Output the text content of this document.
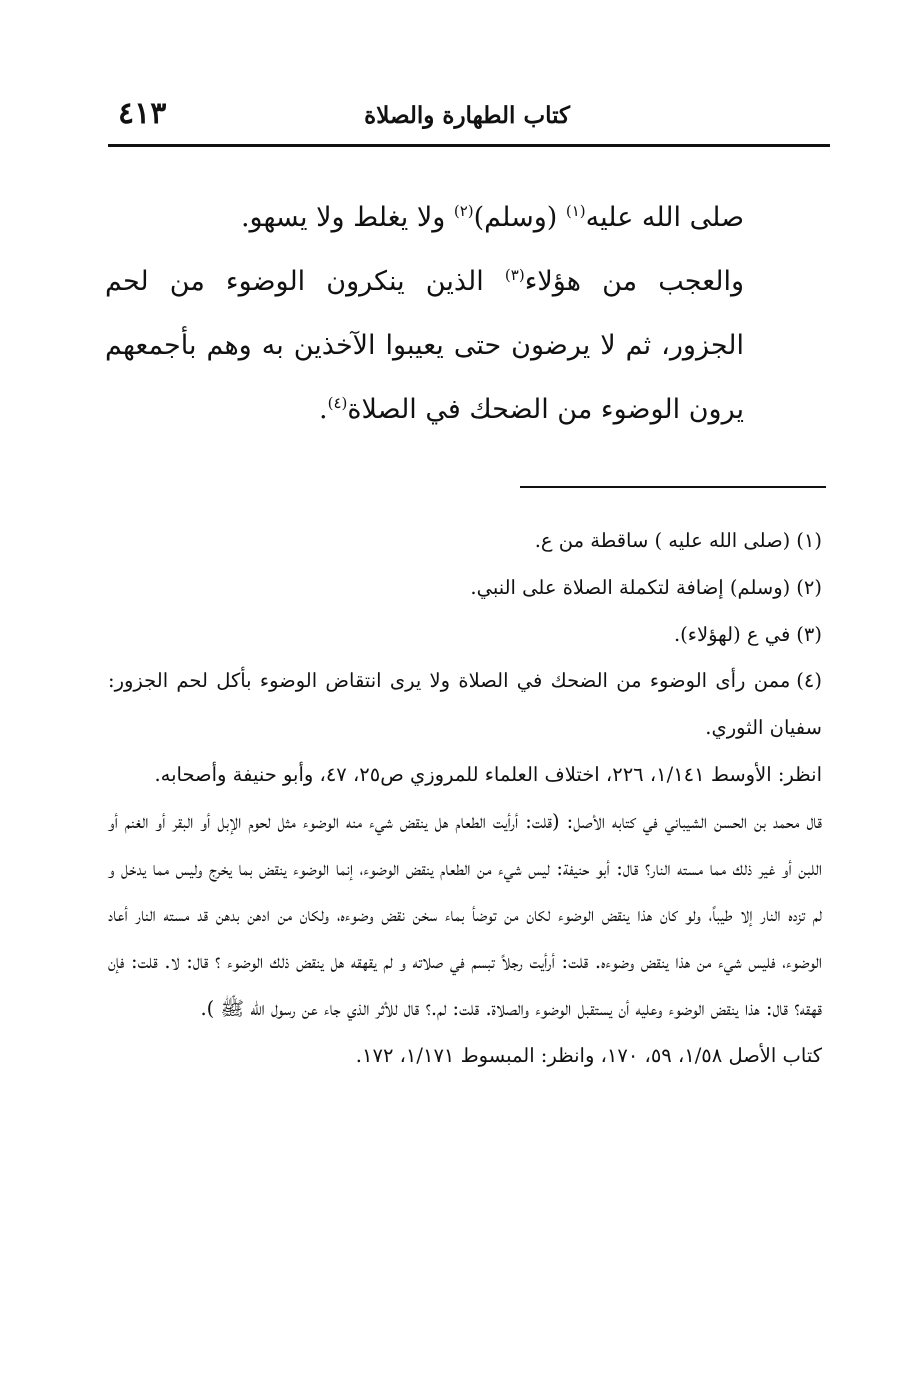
كتاب الطهارة والصلاة
٤١٣

صلى الله عليه$^{(١)}$ (وسلم)$^{(٢)}$ ولا يغلط ولا يسهو.

والعجب من هؤلاء$^{(٣)}$ الذين ينكرون الوضوء من لحم الجزور، ثم لا يرضون حتى يعيبوا الآخذين به وهم بأجمعهم يرون الوضوء من الضحك في الصلاة$^{(٤)}$.

(١)(صلى الله عليه ) ساقطة من ع.

(٢)(وسلم) إضافة لتكملة الصلاة على النبي.

(٣)في ع (لهؤلاء).

(٤)ممن رأى الوضوء من الضحك في الصلاة ولا يرى انتقاض الوضوء بأكل لحم الجزور: سفيان الثوري.

انظر: الأوسط ١/١٤١، ٢٢٦، اختلاف العلماء للمروزي ص٢٥، ٤٧، وأبو حنيفة وأصحابه.

قال محمد بن الحسن الشيباني في كتابه الأصل: (قلت: أرأيت الطعام هل ينقض شيء منه الوضوء مثل لحوم الإبل أو البقر أو الغنم أو اللبن أو غير ذلك مما مسته النار؟ قال: أبو حنيفة: ليس شيء من الطعام ينقض الوضوء، إنما الوضوء ينقض بما يخرج وليس مما يدخل و لم تزده النار إلا طيباً، ولو كان هذا ينقض الوضوء لكان من توضأ بماء سخن نقض وضوءه، ولكان من ادهن بدهن قد مسته النار أعاد الوضوء، فليس شيء من هذا ينقض وضوءه. قلت: أرأيت رجلاً تبسم في صلاته و لم يقهقه هل ينقض ذلك الوضوء ؟ قال: لا. قلت: فإن قهقه؟ قال: هذا ينقض الوضوء وعليه أن يستقبل الوضوء والصلاة. قلت: لم.؟ قال للأثر الذي جاء عن رسول الله ﷺ ).

كتاب الأصل ١/٥٨، ٥٩، ١٧٠، وانظر: المبسوط ١/١٧١، ١٧٢.
